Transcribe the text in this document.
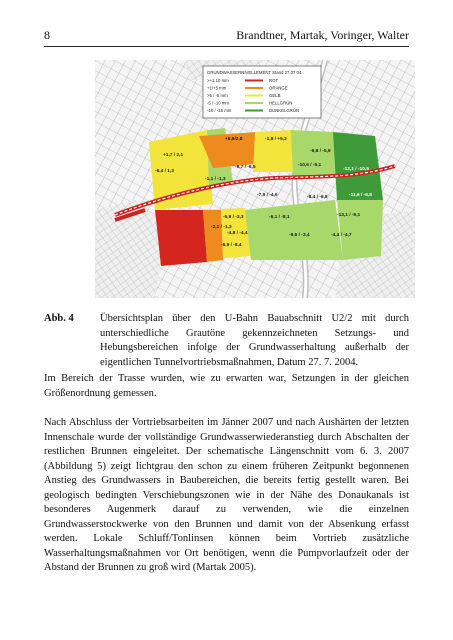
8	Brandtner, Martak, Voringer, Walter
GRUNDWASSERNIVELLEMENT Stand 27.07.04
>+1.10 mm	ROT
+1/+5 mm	ORANGE
>5 / -5 mm	GELB
-5 / -10 mm	HELLGRÜN
-10 / -15 mm	DUNKELGRÜN
+5,9/2,8	-1,8 / +5,2
+1,7 / 2,1
-9,8 / -5,9
-6,4 / 1,3
-9,7 / -6,5
-1,1 / -1,3
-10,6 / -5,1
-12,1 / -10,5
-7,9 / -4,9	-8,4 / -8,8	-11,6 / -6,8
-5,9 / -3,3	-6,1 / -8,1	-13,1 / -9,1
-4,8 / -4,4	-9,6 / -3,4	-4,4 / -4,7
-2,1 / -1,3
-6,9 / -8,4
Abb. 4 Übersichtsplan über den U-Bahn Bauabschnitt U2/2 mit durch unterschiedliche Grautöne gekennzeichneten Setzungs- und Hebungsbereichen infolge der Grundwasserhaltung außerhalb der eigentlichen Tunnelvortriebsmaßnahmen, Datum 27. 7. 2004.

Im Bereich der Trasse wurden, wie zu erwarten war, Setzungen in der gleichen Größenordnung gemessen.

Nach Abschluss der Vortriebsarbeiten im Jänner 2007 und nach Aushärten der letzten Innenschale wurde der vollständige Grundwasserwiederanstieg durch Abschalten der restlichen Brunnen eingeleitet. Der schematische Längenschnitt vom 6. 3. 2007 (Abbildung 5) zeigt lichtgrau den schon zu einem früheren Zeitpunkt begonnenen Anstieg des Grundwassers in Baubereichen, die bereits fertig gestellt waren. Bei geologisch bedingten Verschiebungszonen wie in der Nähe des Donaukanals ist besonderes Augenmerk darauf zu verwenden, wie die einzelnen Grundwasserstockwerke von den Brunnen und damit von der Absenkung erfasst werden. Lokale Schluff/Tonlinsen können beim Vortrieb zusätzliche Wasserhaltungsmaßnahmen vor Ort benötigen, wenn die Pumpvorlaufzeit oder der Abstand der Brunnen zu groß wird (Martak 2005).
